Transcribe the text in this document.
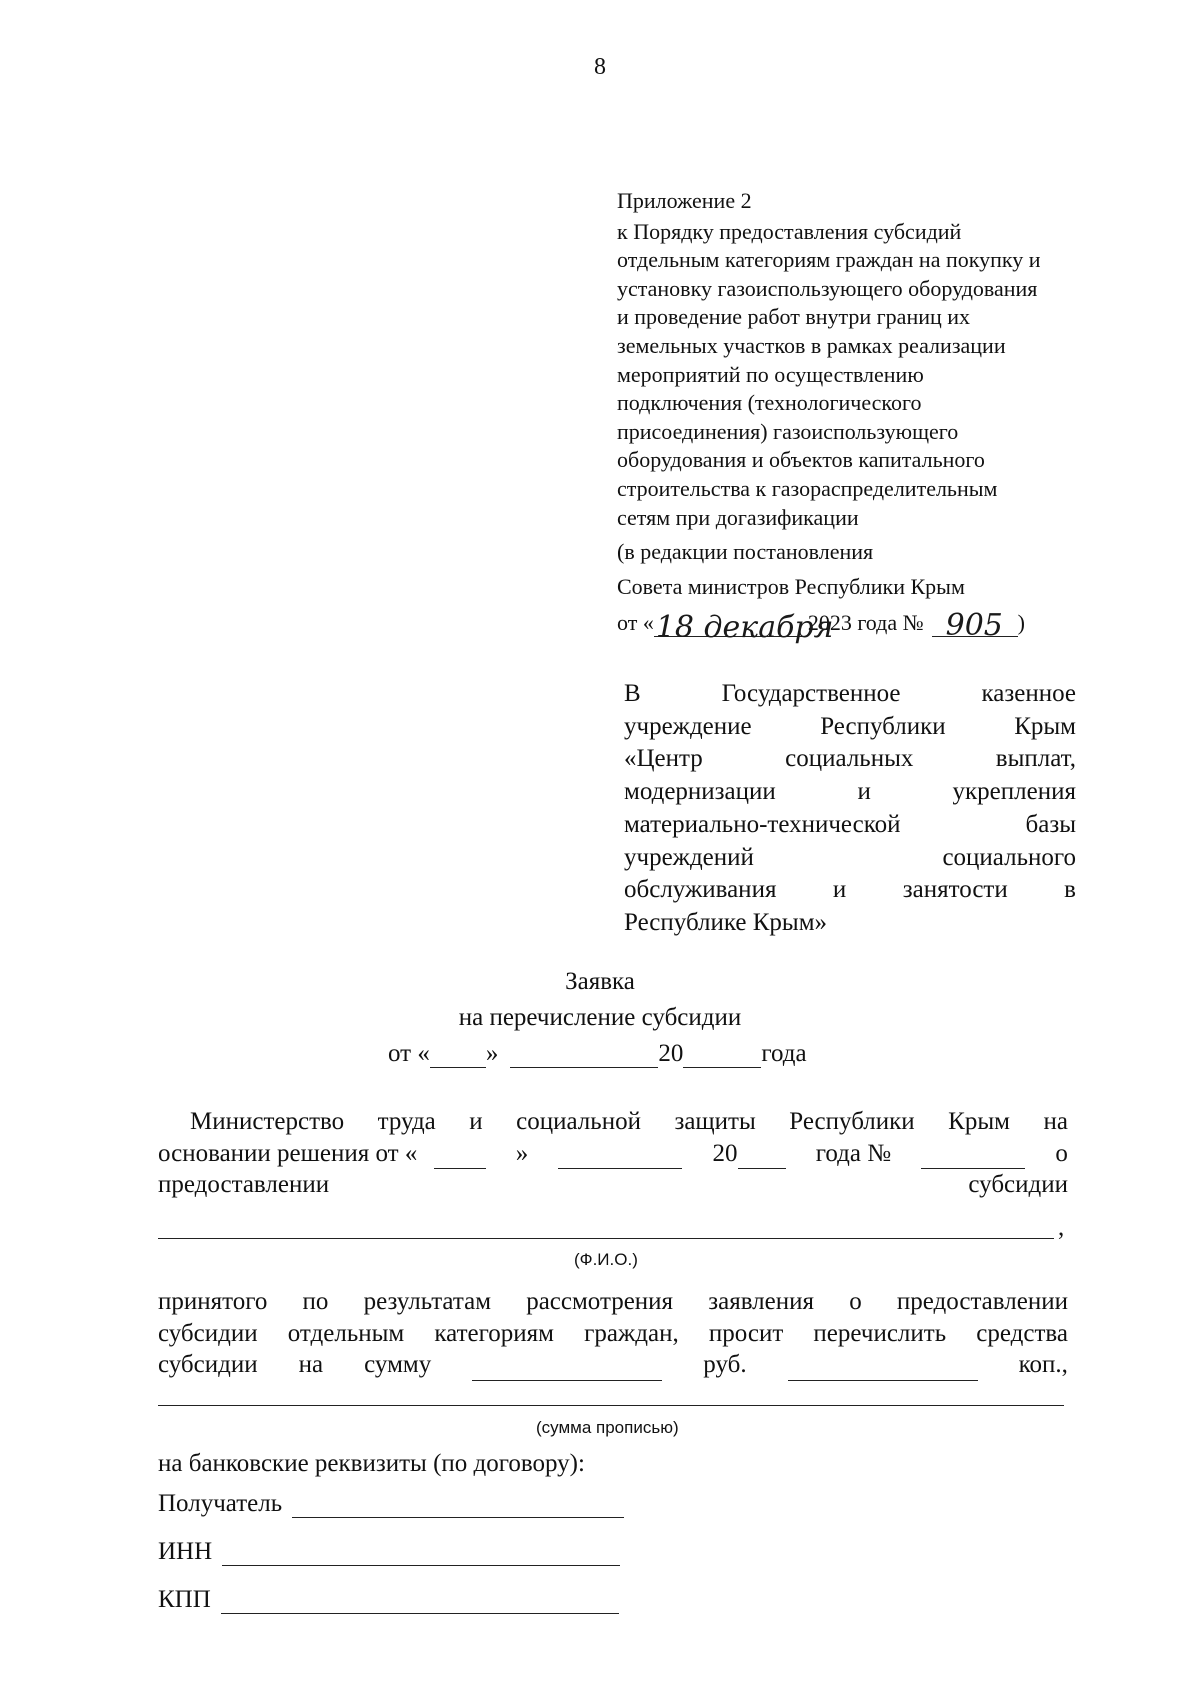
8
Приложение 2
к Порядку предоставления субсидий
отдельным категориям граждан на покупку и
установку газоиспользующего оборудования
и проведение работ внутри границ их
земельных участков в рамках реализации
мероприятий по осуществлению
подключения (технологического
присоединения) газоиспользующего
оборудования и объектов капитального
строительства к газораспределительным
сетям при догазификации
(в редакции постановления
Совета министров Республики Крым
от « 18 декабря
2023 года № 905 )
В	Государственное	казенное
учреждение	Республики	Крым
«Центр	социальных	выплат,
модернизации	и	укрепления
материально-технической	базы
учреждений	социального
обслуживания и занятости в
Республике Крым»
Заявка
на перечисление субсидии
от « »	20	года
Министерство труда и социальной защиты Республики Крым на
основании решения от «	»	20	года №	о
предоставлении	субсидии
,
(Ф.И.О.)
принятого по результатам рассмотрения заявления о предоставлении
субсидии отдельным категориям граждан, просит перечислить средства
субсидии на сумму	руб.	коп.,
(сумма прописью)
на банковские реквизиты (по договору):
Получатель
ИНН
КПП
